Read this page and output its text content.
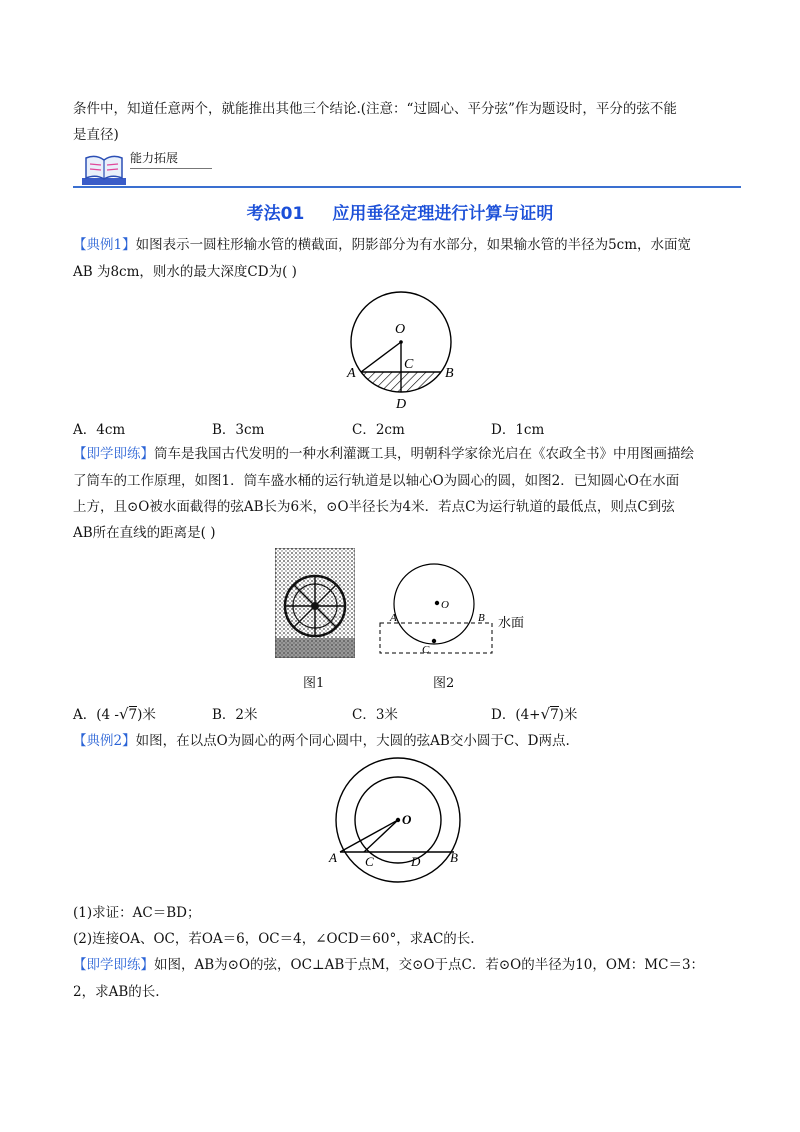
条件中，知道任意两个，就能推出其他三个结论.(注意：“过圆心、平分弦”作为题设时，平分的弦不能

是直径)

能力拓展
考法01 应用垂径定理进行计算与证明

【典例1】如图表示一圆柱形输水管的横截面，阴影部分为有水部分，如果输水管的半径为5cm，水面宽

AB 为8cm，则水的最大深度CD为( )

O
C
A	B
D
A．4cm	B．3cm	C．2cm	D．1cm

【即学即练】筒车是我国古代发明的一种水利灌溉工具，明朝科学家徐光启在《农政全书》中用图画描绘

了筒车的工作原理，如图1．筒车盛水桶的运行轨道是以轴心O为圆心的圆，如图2．已知圆心O在水面

上方，且⊙O被水面截得的弦AB长为6米，⊙O半径长为4米．若点C为运行轨道的最低点，则点C到弦

AB所在直线的距离是( )

O
A	B
C
水面
图1	图2
A．(4 -√7)米	B．2米	C．3米	D．(4+√7)米

【典例2】如图，在以点O为圆心的两个同心圆中，大圆的弦AB交小圆于C、D两点.

O
A C	D B

(1)求证：AC＝BD；

(2)连接OA、OC，若OA＝6，OC＝4，∠OCD＝60°，求AC的长.

【即学即练】如图，AB为⊙O的弦，OC⊥AB于点M，交⊙O于点C．若⊙O的半径为10，OM：MC＝3：

2，求AB的长.
